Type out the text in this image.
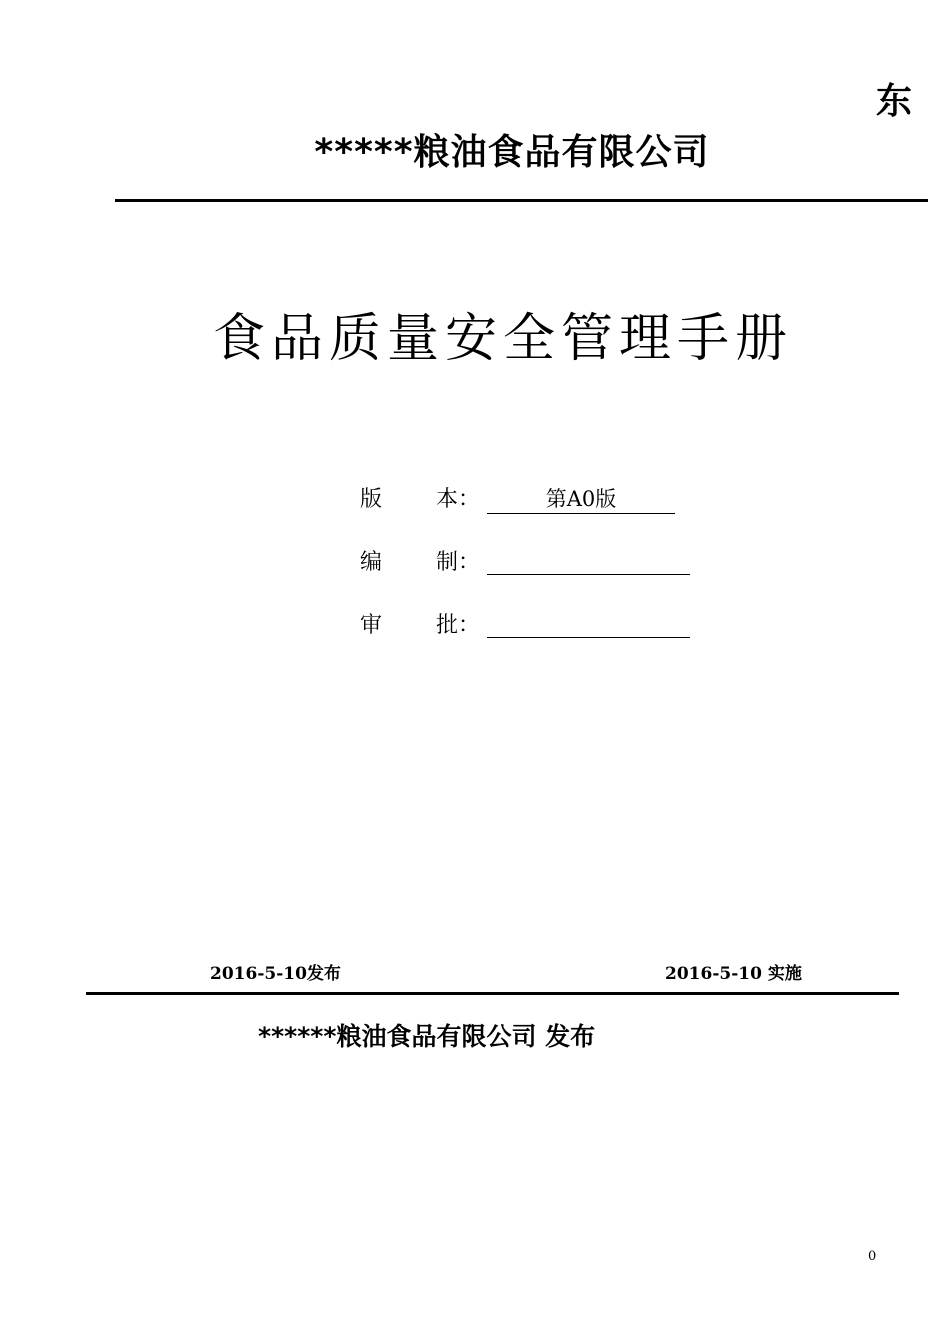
东
*****粮油食品有限公司
食品质量安全管理手册
版 本：	第A0版
编 制：
审 批：
2016-5-10发布	2016-5-10 实施
******粮油食品有限公司 发布
0
